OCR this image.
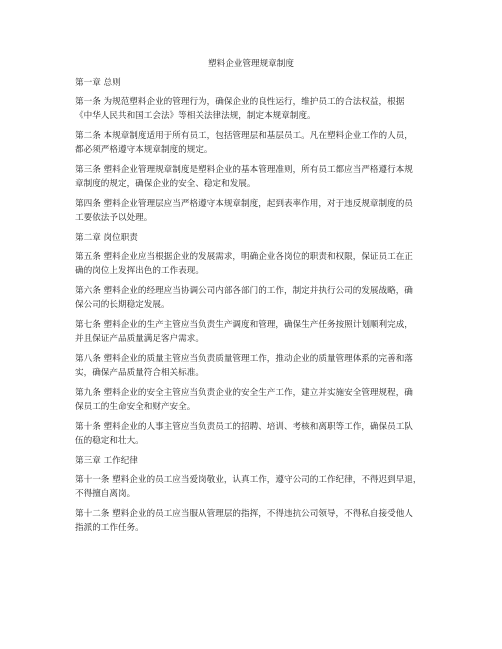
塑料企业管理规章制度
第一章 总则
第一条 为规范塑料企业的管理行为，确保企业的良性运行，维护员工的合法权益，根据
《中华人民共和国工会法》等相关法律法规，制定本规章制度。
第二条 本规章制度适用于所有员工，包括管理层和基层员工。凡在塑料企业工作的人员，
都必须严格遵守本规章制度的规定。
第三条 塑料企业管理规章制度是塑料企业的基本管理准则，所有员工都应当严格遵行本规
章制度的规定，确保企业的安全、稳定和发展。
第四条 塑料企业管理层应当严格遵守本规章制度，起到表率作用，对于违反规章制度的员
工要依法予以处理。
第二章 岗位职责
第五条 塑料企业应当根据企业的发展需求，明确企业各岗位的职责和权限，保证员工在正
确的岗位上发挥出色的工作表现。
第六条 塑料企业的经理应当协调公司内部各部门的工作，制定并执行公司的发展战略，确
保公司的长期稳定发展。
第七条 塑料企业的生产主管应当负责生产调度和管理，确保生产任务按照计划顺利完成，
并且保证产品质量满足客户需求。
第八条 塑料企业的质量主管应当负责质量管理工作，推动企业的质量管理体系的完善和落
实，确保产品质量符合相关标准。
第九条 塑料企业的安全主管应当负责企业的安全生产工作，建立并实施安全管理规程，确
保员工的生命安全和财产安全。
第十条 塑料企业的人事主管应当负责员工的招聘、培训、考核和离职等工作，确保员工队
伍的稳定和壮大。
第三章 工作纪律
第十一条 塑料企业的员工应当爱岗敬业，认真工作，遵守公司的工作纪律，不得迟到早退，
不得擅自离岗。
第十二条 塑料企业的员工应当服从管理层的指挥，不得违抗公司领导，不得私自接受他人
指派的工作任务。
